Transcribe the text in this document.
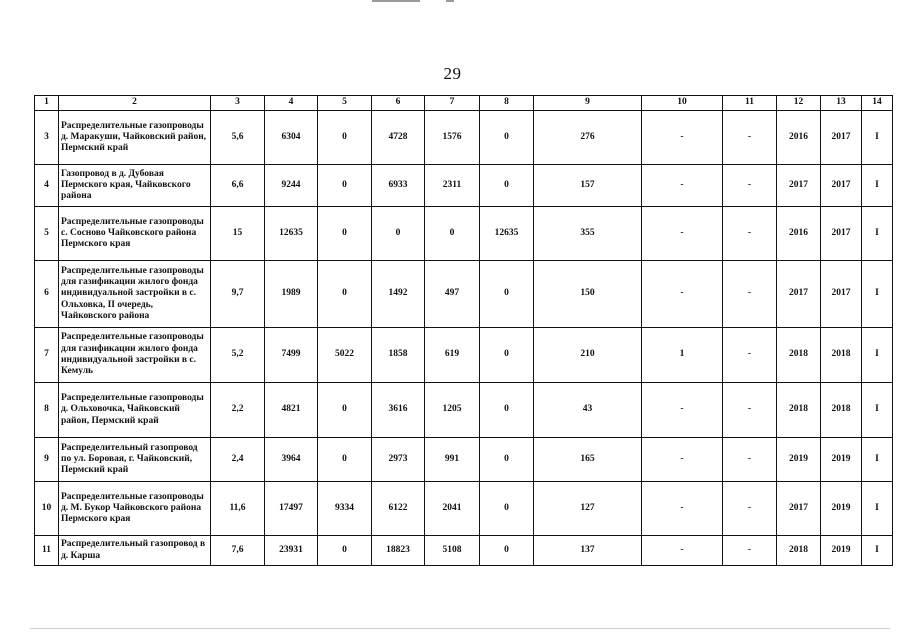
29
1	2	3	4	5	6	7	8	9	10	11	12	13	14
3	Распределительные газопроводы д. Маракуши, Чайковский район, Пермский край	5,6	6304	0	4728	1576	0	276	-	-	2016	2017	I
4	Газопровод в д. Дубовая Пермского края, Чайковского района	6,6	9244	0	6933	2311	0	157	-	-	2017	2017	I
5	Распределительные газопроводы с. Сосново Чайковского района Пермского края	15	12635	0	0	0	12635	355	-	-	2016	2017	I
6	Распределительные газопроводы для газификации жилого фонда индивидуальной застройки в с. Ольховка, II очередь, Чайковского района	9,7	1989	0	1492	497	0	150	-	-	2017	2017	I
7	Распределительные газопроводы для газификации жилого фонда индивидуальной застройки в с. Кемуль	5,2	7499	5022	1858	619	0	210	1	-	2018	2018	I
8	Распределительные газопроводы д. Ольховочка, Чайковский район, Пермский край	2,2	4821	0	3616	1205	0	43	-	-	2018	2018	I
9	Распределительный газопровод по ул. Боровая, г. Чайковский, Пермский край	2,4	3964	0	2973	991	0	165	-	-	2019	2019	I
10	Распределительные газопроводы д. М. Букор Чайковского района Пермского края	11,6	17497	9334	6122	2041	0	127	-	-	2017	2019	I
11	Распределительный газопровод в д. Карша	7,6	23931	0	18823	5108	0	137	-	-	2018	2019	I
